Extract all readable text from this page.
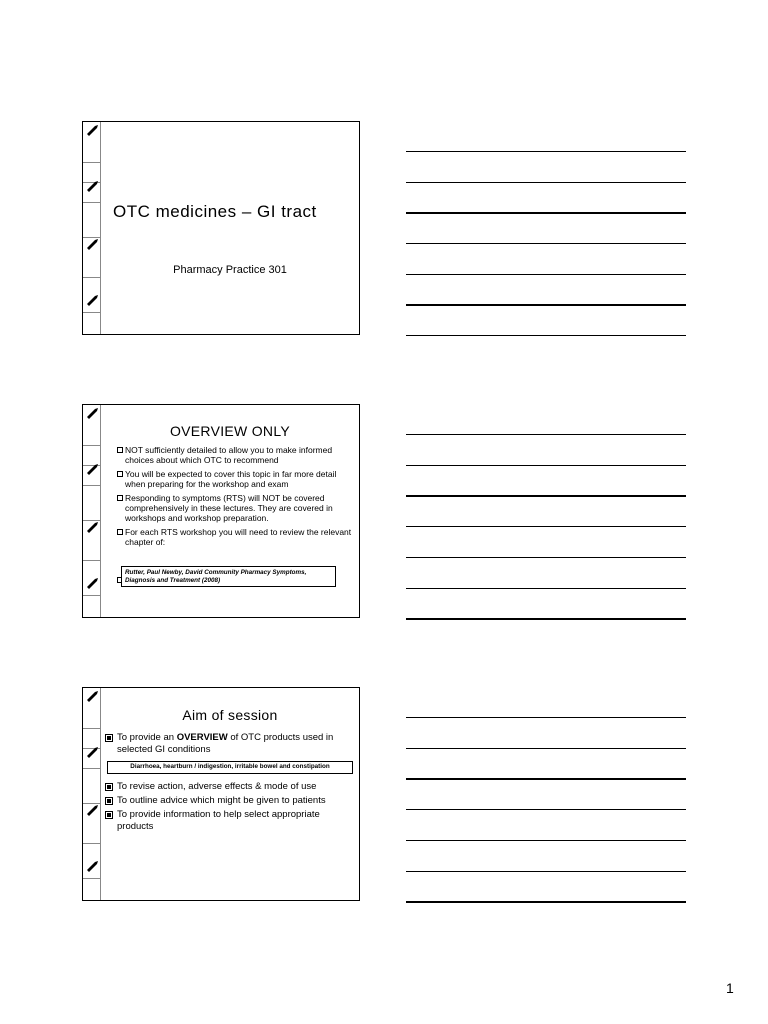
OTC medicines – GI tract
Pharmacy Practice 301
OVERVIEW ONLY
NOT sufficiently detailed to allow you to make informed choices about which OTC to recommend
You will be expected to cover this topic in far more detail when preparing for the workshop and exam
Responding to symptoms (RTS) will NOT be covered comprehensively in these lectures. They are covered in workshops and workshop preparation.
For each RTS workshop you will need to review the relevant chapter of:
Rutter, Paul Newby, David Community Pharmacy Symptoms, Diagnosis and Treatment (2008)
Aim of session
To provide an OVERVIEW of OTC products used in selected GI conditions
Diarrhoea, heartburn / indigestion, irritable bowel and constipation
To revise action, adverse effects & mode of use
To outline advice which might be given to patients
To provide information to help select appropriate products
1
